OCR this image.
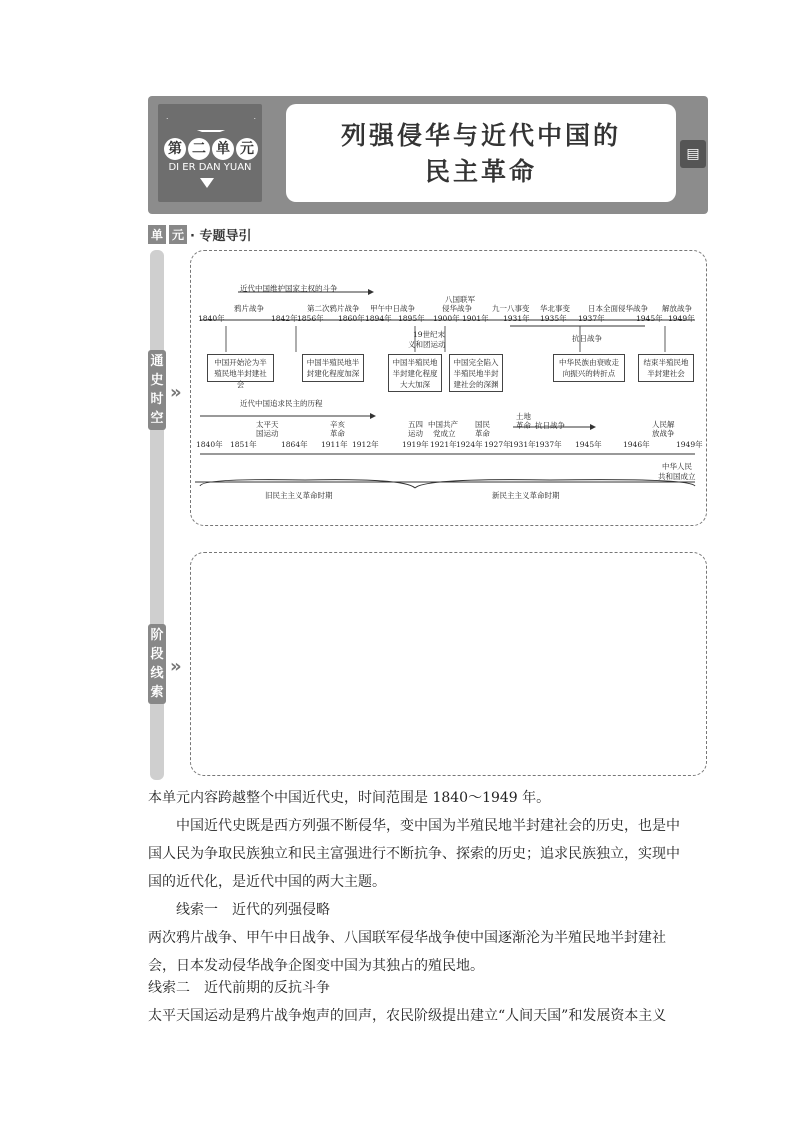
第 二 单 元
DI ER DAN YUAN
列强侵华与近代中国的
民主革命
▤
单 元 · 专题导引
通
史
时
空
»
阶
段
线
索
»
近代中国维护国家主权的斗争
鸦片战争	第二次鸦片战争 甲午中日战争
八国联军
侵华战争	九一八事变 华北事变 日本全面侵华战争 解放战争
19世纪末
义和团运动
抗日战争
1840年	1842年 1856年 1860年 1894年 1895年 1900年 1901年 1931年 1935年 1937年	1945年 1949年
中国开始沦为半殖民地半封建社会
中国半殖民地半封建化程度加深
中国半殖民地半封建化程度大大加深
中国完全陷入半殖民地半封建社会的深渊
中华民族由衰败走向振兴的转折点
结束半殖民地半封建社会
近代中国追求民主的历程
太平天
国运动
辛亥
革命
五四
运动
中国共产
党成立
国民
革命
土地
革命 抗日战争	人民解
放战争
中华人民
共和国成立
1840年 1851年	1864年 1911年 1912年	1919年 1921年 1924年 1927年
1931年 1937年 1945年	1946年	1949年
旧民主主义革命时期	新民主主义革命时期
本单元内容跨越整个中国近代史，时间范围是 1840～1949 年。
中国近代史既是西方列强不断侵华，变中国为半殖民地半封建社会的历史，也是中国人民为争取民族独立和民主富强进行不断抗争、探索的历史；追求民族独立，实现中国的近代化，是近代中国的两大主题。
线索一　近代的列强侵略
两次鸦片战争、甲午中日战争、八国联军侵华战争使中国逐渐沦为半殖民地半封建社会，日本发动侵华战争企图变中国为其独占的殖民地。
线索二　近代前期的反抗斗争
太平天国运动是鸦片战争炮声的回声，农民阶级提出建立“人间天国”和发展资本主义
